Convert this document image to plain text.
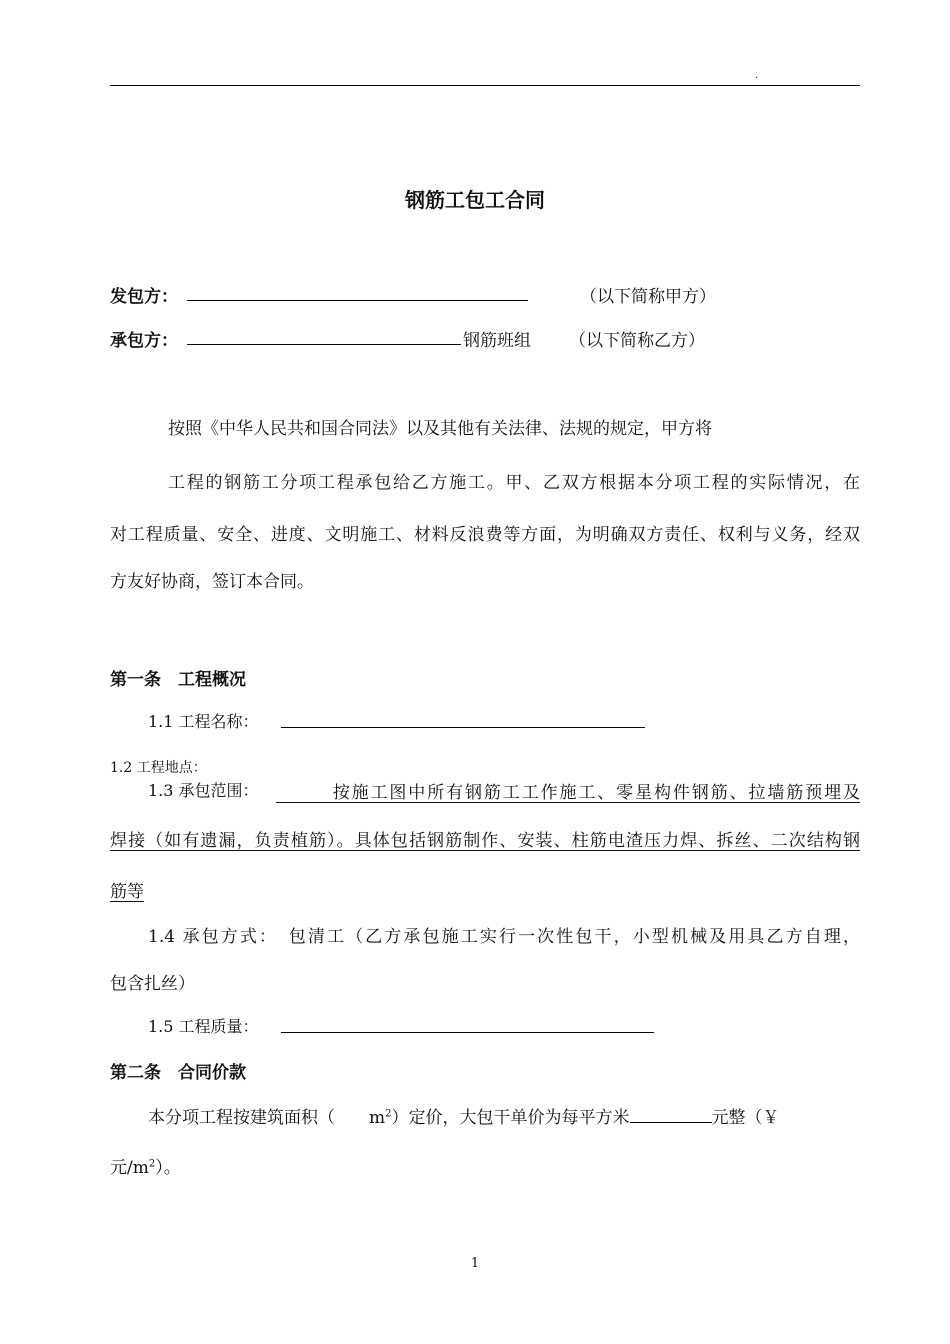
.
钢筋工包工合同
发包方：	（以下简称甲方）
承包方：	钢筋班组 （以下简称乙方）
按照《中华人民共和国合同法》以及其他有关法律、法规的规定，甲方将
工程的钢筋工分项工程承包给乙方施工。甲、乙双方根据本分项工程的实际情况，在
对工程质量、安全、进度、文明施工、材料反浪费等方面，为明确双方责任、权利与义务，经双
方友好协商，签订本合同。
第一条　工程概况
1.1 工程名称：
1.2 工程地点：
1.3 承包范围： 　　　按施工图中所有钢筋工工作施工、零星构件钢筋、拉墙筋预埋及
焊接（如有遗漏，负责植筋）。具体包括钢筋制作、安装、柱筋电渣压力焊、拆丝、二次结构钢
筋等
1.4 承包方式：　包清工（乙方承包施工实行一次性包干，小型机械及用具乙方自理，
包含扎丝）
1.5 工程质量：
第二条　合同价款
本分项工程按建筑面积（　　$m^2$）定价，大包干单价为每平方米	元整（￥
元$/m^2$）。
1
